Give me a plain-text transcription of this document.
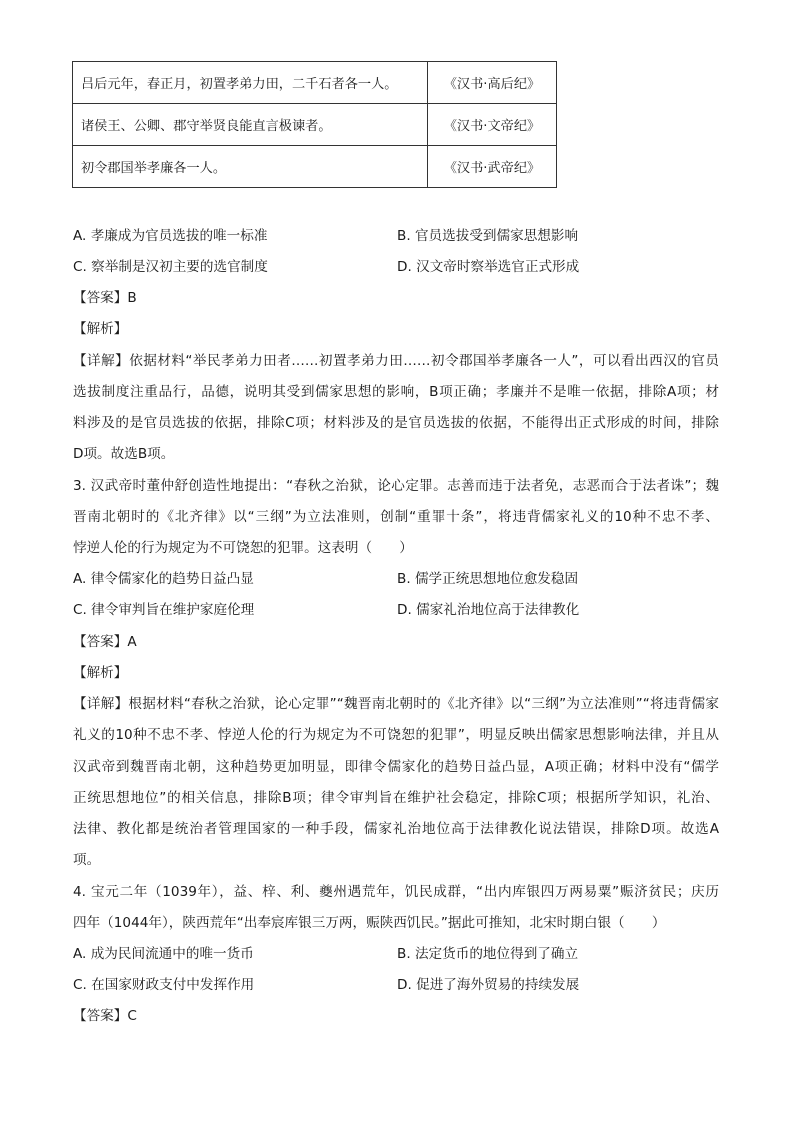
吕后元年，春正月，初置孝弟力田，二千石者各一人。	《汉书·高后纪》
诸侯王、公卿、郡守举贤良能直言极谏者。	《汉书·文帝纪》
初令郡国举孝廉各一人。	《汉书·武帝纪》
A. 孝廉成为官员选拔的唯一标准	B. 官员选拔受到儒家思想影响
C. 察举制是汉初主要的选官制度	D. 汉文帝时察举选官正式形成
【答案】B
【解析】
【详解】依据材料“举民孝弟力田者……初置孝弟力田……初令郡国举孝廉各一人”，可以看出西汉的官员
选拔制度注重品行，品德，说明其受到儒家思想的影响，B项正确；孝廉并不是唯一依据，排除A项；材
料涉及的是官员选拔的依据，排除C项；材料涉及的是官员选拔的依据，不能得出正式形成的时间，排除
D项。故选B项。
3. 汉武帝时董仲舒创造性地提出：“春秋之治狱，论心定罪。志善而违于法者免，志恶而合于法者诛”；魏
晋南北朝时的《北齐律》以“三纲”为立法准则，创制“重罪十条”，将违背儒家礼义的10种不忠不孝、
悖逆人伦的行为规定为不可饶恕的犯罪。这表明（　　）
A. 律令儒家化的趋势日益凸显	B. 儒学正统思想地位愈发稳固
C. 律令审判旨在维护家庭伦理	D. 儒家礼治地位高于法律教化
【答案】A
【解析】
【详解】根据材料“春秋之治狱，论心定罪”“魏晋南北朝时的《北齐律》以“三纲”为立法准则”“将违背儒家
礼义的10种不忠不孝、悖逆人伦的行为规定为不可饶恕的犯罪”，明显反映出儒家思想影响法律，并且从
汉武帝到魏晋南北朝，这种趋势更加明显，即律令儒家化的趋势日益凸显，A项正确；材料中没有“儒学
正统思想地位”的相关信息，排除B项；律令审判旨在维护社会稳定，排除C项；根据所学知识，礼治、
法律、教化都是统治者管理国家的一种手段，儒家礼治地位高于法律教化说法错误，排除D项。故选A
项。
4. 宝元二年（1039年），益、梓、利、夔州遇荒年，饥民成群，“出内库银四万两易粟”赈济贫民；庆历
四年（1044年），陕西荒年“出奉宸库银三万两，赈陕西饥民。”据此可推知，北宋时期白银（　　）
A. 成为民间流通中的唯一货币	B. 法定货币的地位得到了确立
C. 在国家财政支付中发挥作用	D. 促进了海外贸易的持续发展
【答案】C
